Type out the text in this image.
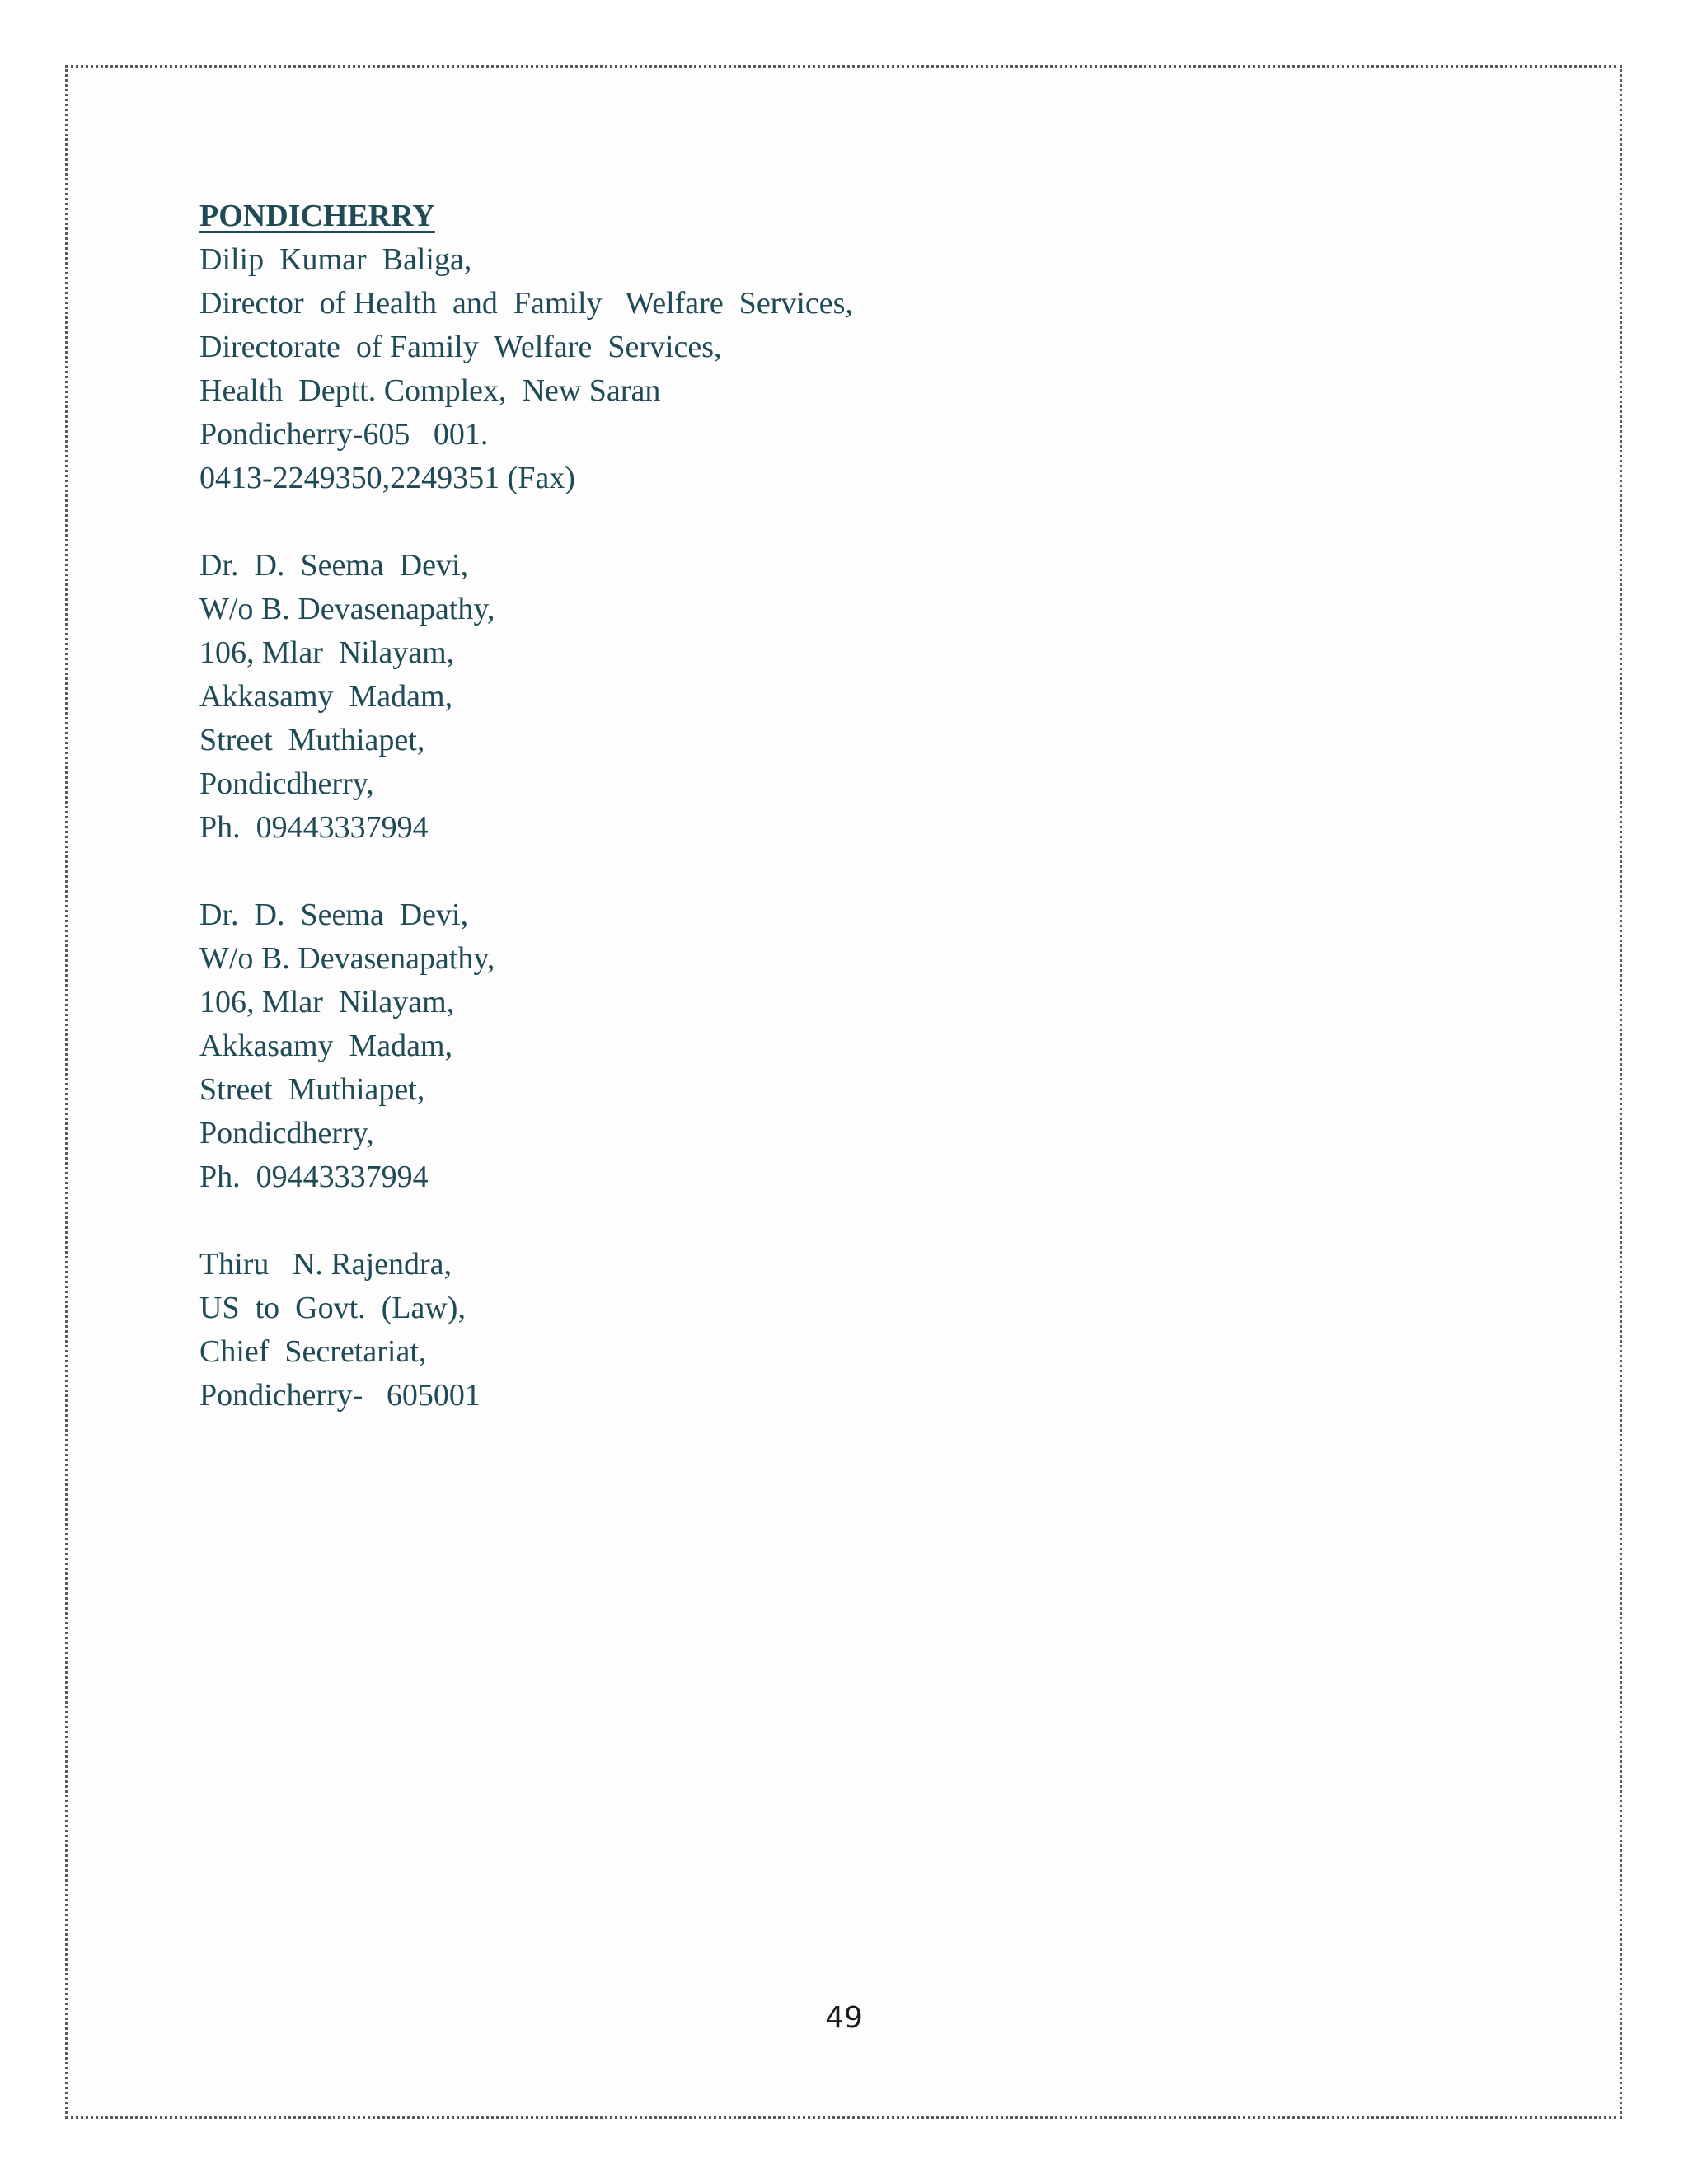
PONDICHERRY

Dilip  Kumar  Baliga,
Director  of Health  and  Family   Welfare  Services,
Directorate  of Family  Welfare  Services,
Health  Deptt. Complex,  New Saran
Pondicherry-605   001.
0413-2249350,2249351 (Fax)
Dr.  D.  Seema  Devi,
W/o B. Devasenapathy,
106, Mlar  Nilayam,
Akkasamy  Madam,
Street  Muthiapet,
Pondicdherry,
Ph.  09443337994
Dr.  D.  Seema  Devi,
W/o B. Devasenapathy,
106, Mlar  Nilayam,
Akkasamy  Madam,
Street  Muthiapet,
Pondicdherry,
Ph.  09443337994
Thiru   N. Rajendra,
US  to  Govt.  (Law),
Chief  Secretariat,
Pondicherry-   605001
49
